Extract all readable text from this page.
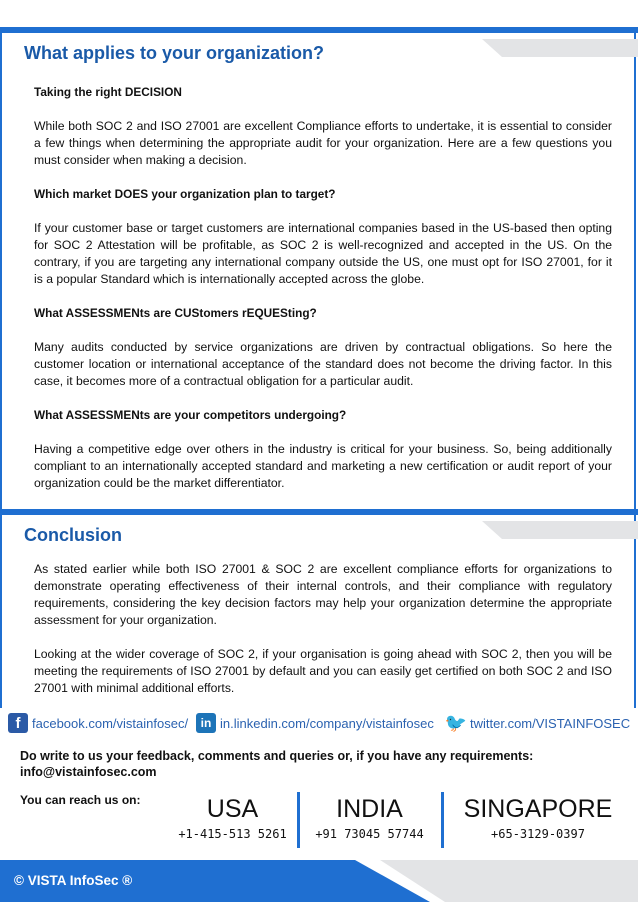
What applies to your organization?

Taking the right DECISION

While both SOC 2 and ISO 27001 are excellent Compliance efforts to undertake, it is essential to consider a few things when determining the appropriate audit for your organization. Here are a few questions you must consider when making a decision.

Which market DOES your organization plan to target?

If your customer base or target customers are international companies based in the US-based then opting for SOC 2 Attestation will be profitable, as SOC 2 is well-recognized and accepted in the US. On the contrary, if you are targeting any international company outside the US, one must opt for ISO 27001, for it is a popular Standard which is internationally accepted across the globe.

What ASSESSMENts are CUStomers rEQUESting?

Many audits conducted by service organizations are driven by contractual obligations. So here the customer location or international acceptance of the standard does not become the driving factor. In this case, it becomes more of a contractual obligation for a particular audit.

What ASSESSMENts are your competitors undergoing?

Having a competitive edge over others in the industry is critical for your business. So, being additionally compliant to an internationally accepted standard and marketing a new certification or audit report of your organization could be the market differentiator.

Conclusion

As stated earlier while both ISO 27001 & SOC 2 are excellent compliance efforts for organizations to demonstrate operating effectiveness of their internal controls, and their compliance with regulatory requirements, considering the key decision factors may help your organization determine the appropriate assessment for your organization.

Looking at the wider coverage of SOC 2, if your organisation is going ahead with SOC 2, then you will be meeting the requirements of ISO 27001 by default and you can easily get certified on both SOC 2 and ISO 27001 with minimal additional efforts.

f facebook.com/vistainfosec/	in in.linkedin.com/company/vistainfosec 🐦 twitter.com/VISTAINFOSEC
Do write to us your feedback, comments and queries or, if you have any requirements: info@vistainfosec.com
You can reach us on:	USA
+1-415-513 5261
INDIA
+91 73045 57744
SINGAPORE
+65-3129-0397
© VISTA InfoSec ®
